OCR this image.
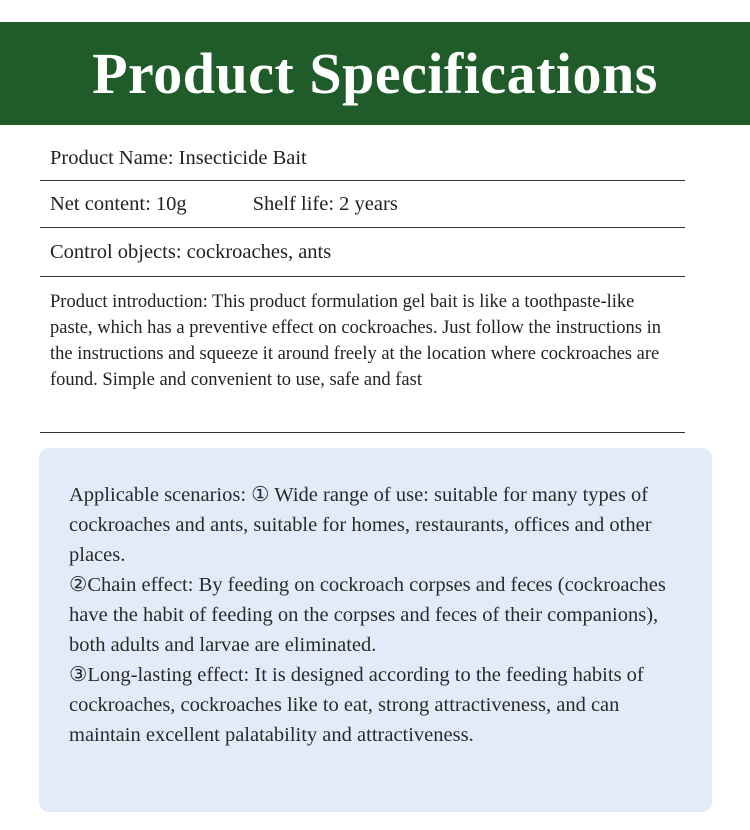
Product Specifications
Product Name: Insecticide Bait
Net content: 10g	Shelf life: 2 years
Control objects: cockroaches, ants
Product introduction: This product formulation gel bait is like a toothpaste-like paste, which has a preventive effect on cockroaches. Just follow the instructions in the instructions and squeeze it around freely at the location where cockroaches are found. Simple and convenient to use, safe and fast

Applicable scenarios: ① Wide range of use: suitable for many types of cockroaches and ants, suitable for homes, restaurants, offices and other places.

②Chain effect: By feeding on cockroach corpses and feces (cockroaches have the habit of feeding on the corpses and feces of their companions), both adults and larvae are eliminated.

③Long-lasting effect: It is designed according to the feeding habits of cockroaches, cockroaches like to eat, strong attractiveness, and can maintain excellent palatability and attractiveness.
